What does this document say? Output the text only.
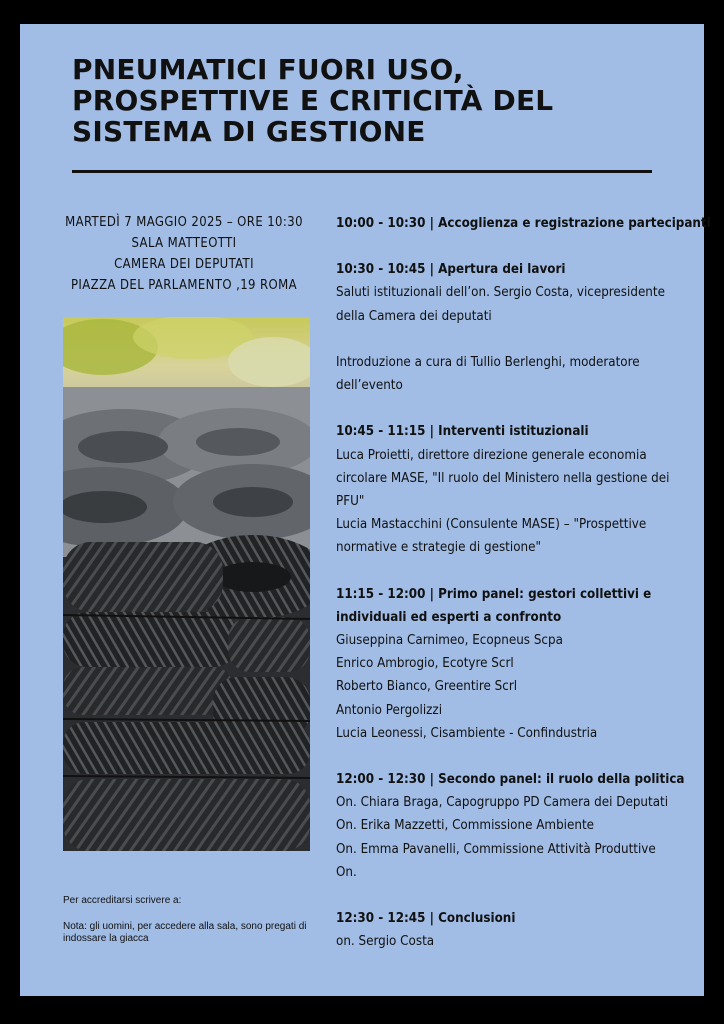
PNEUMATICI FUORI USO,
PROSPETTIVE E CRITICITÀ DEL
SISTEMA DI GESTIONE
MARTEDÌ 7 MAGGIO 2025 – ORE 10:30
SALA MATTEOTTI
CAMERA DEI DEPUTATI
PIAZZA DEL PARLAMENTO ,19 ROMA
Per accreditarsi scrivere a:
Nota: gli uomini, per accedere alla sala, sono pregati di
indossare la giacca
10:00 - 10:30 | Accoglienza e registrazione partecipanti
10:30 - 10:45 | Apertura dei lavori
Saluti istituzionali dell’on. Sergio Costa, vicepresidente
della Camera dei deputati

Introduzione a cura di Tullio Berlenghi, moderatore
dell’evento
10:45 - 11:15 | Interventi istituzionali
Luca Proietti, direttore direzione generale economia
circolare MASE, "Il ruolo del Ministero nella gestione dei
PFU"
Lucia Mastacchini (Consulente MASE) – "Prospettive
normative e strategie di gestione"
11:15 - 12:00 | Primo panel: gestori collettivi e
individuali ed esperti a confronto
Giuseppina Carnimeo, Ecopneus Scpa
Enrico Ambrogio, Ecotyre Scrl
Roberto Bianco, Greentire Scrl
Antonio Pergolizzi
Lucia Leonessi, Cisambiente - Confindustria
12:00 - 12:30 | Secondo panel: il ruolo della politica
On. Chiara Braga, Capogruppo PD Camera dei Deputati
On. Erika Mazzetti, Commissione Ambiente
On. Emma Pavanelli, Commissione Attività Produttive
On.
12:30 - 12:45 | Conclusioni
on. Sergio Costa
